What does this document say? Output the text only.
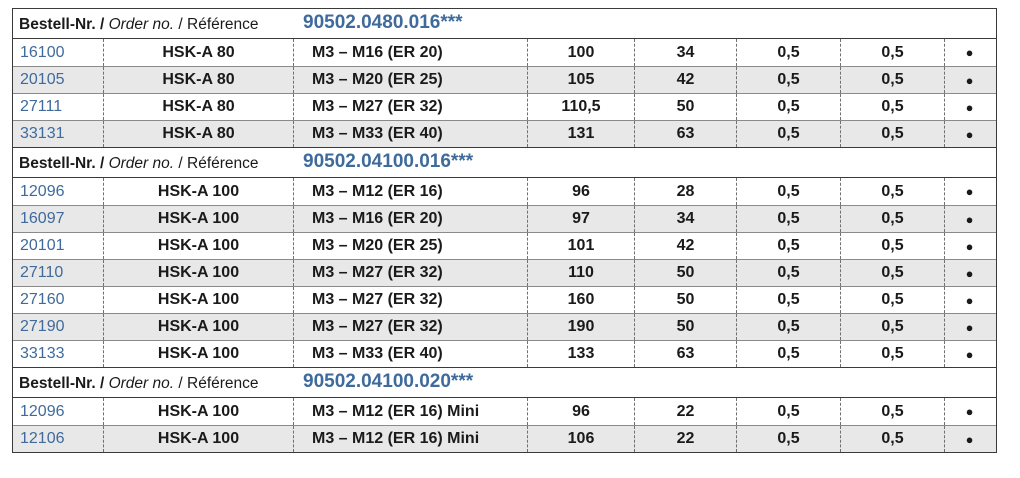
Bestell-Nr. / Order no. / Référence 90502.0480.016***
16100	HSK-A 80	M3 – M16 (ER 20)	100	34	0,5	0,5	●
20105	HSK-A 80	M3 – M20 (ER 25)	105	42	0,5	0,5	●
27111	HSK-A 80	M3 – M27 (ER 32)	110,5	50	0,5	0,5	●
33131	HSK-A 80	M3 – M33 (ER 40)	131	63	0,5	0,5	●
Bestell-Nr. / Order no. / Référence 90502.04100.016***
12096	HSK-A 100	M3 – M12 (ER 16)	96	28	0,5	0,5	●
16097	HSK-A 100	M3 – M16 (ER 20)	97	34	0,5	0,5	●
20101	HSK-A 100	M3 – M20 (ER 25)	101	42	0,5	0,5	●
27110	HSK-A 100	M3 – M27 (ER 32)	110	50	0,5	0,5	●
27160	HSK-A 100	M3 – M27 (ER 32)	160	50	0,5	0,5	●
27190	HSK-A 100	M3 – M27 (ER 32)	190	50	0,5	0,5	●
33133	HSK-A 100	M3 – M33 (ER 40)	133	63	0,5	0,5	●
Bestell-Nr. / Order no. / Référence 90502.04100.020***
12096	HSK-A 100	M3 – M12 (ER 16) Mini	96	22	0,5	0,5	●
12106	HSK-A 100	M3 – M12 (ER 16) Mini	106	22	0,5	0,5	●
